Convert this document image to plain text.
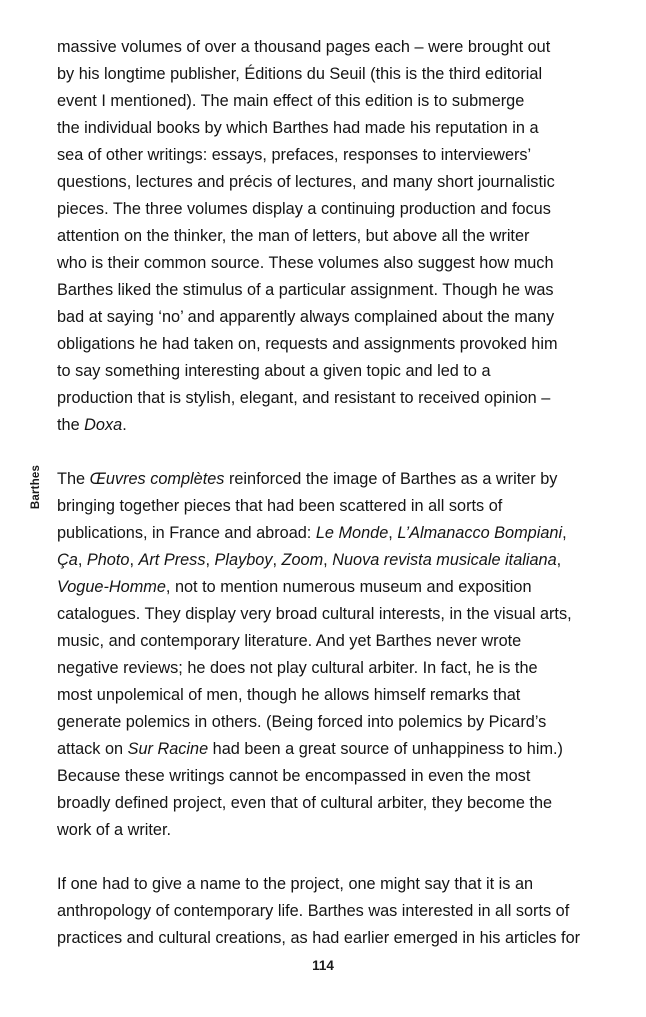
Barthes

massive volumes of over a thousand pages each – were brought out
by his longtime publisher, Éditions du Seuil (this is the third editorial
event I mentioned). The main effect of this edition is to submerge
the individual books by which Barthes had made his reputation in a
sea of other writings: essays, prefaces, responses to interviewers’
questions, lectures and précis of lectures, and many short journalistic
pieces. The three volumes display a continuing production and focus
attention on the thinker, the man of letters, but above all the writer
who is their common source. These volumes also suggest how much
Barthes liked the stimulus of a particular assignment. Though he was
bad at saying ‘no’ and apparently always complained about the many
obligations he had taken on, requests and assignments provoked him
to say something interesting about a given topic and led to a
production that is stylish, elegant, and resistant to received opinion –
the Doxa.

The Œuvres complètes reinforced the image of Barthes as a writer by
bringing together pieces that had been scattered in all sorts of
publications, in France and abroad: Le Monde, L’Almanacco Bompiani,
Ça, Photo, Art Press, Playboy, Zoom, Nuova revista musicale italiana,
Vogue-Homme, not to mention numerous museum and exposition
catalogues. They display very broad cultural interests, in the visual arts,
music, and contemporary literature. And yet Barthes never wrote
negative reviews; he does not play cultural arbiter. In fact, he is the
most unpolemical of men, though he allows himself remarks that
generate polemics in others. (Being forced into polemics by Picard’s
attack on Sur Racine had been a great source of unhappiness to him.)
Because these writings cannot be encompassed in even the most
broadly defined project, even that of cultural arbiter, they become the
work of a writer.

If one had to give a name to the project, one might say that it is an
anthropology of contemporary life. Barthes was interested in all sorts of
practices and cultural creations, as had earlier emerged in his articles for

114
